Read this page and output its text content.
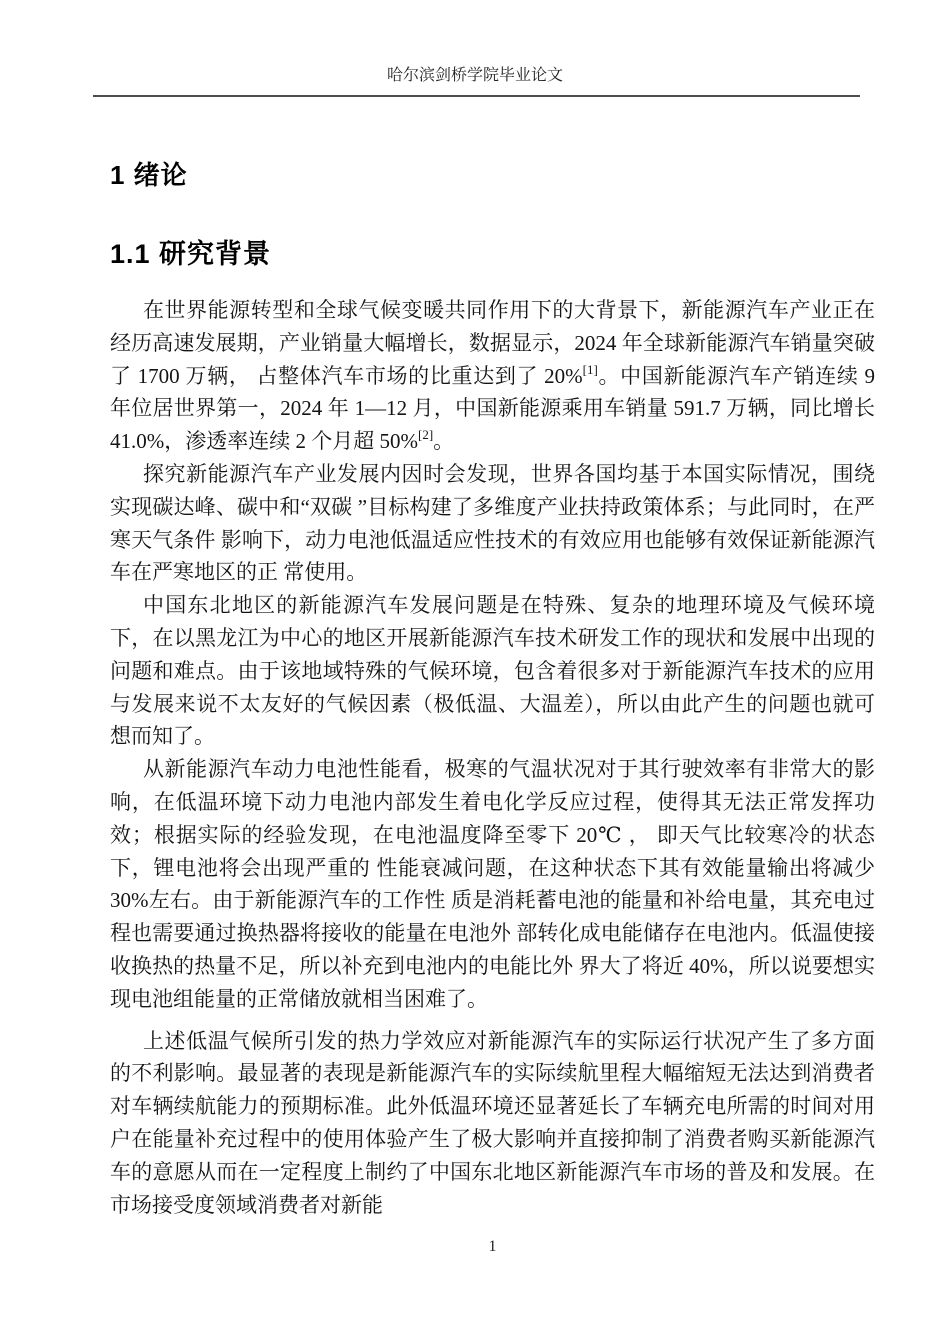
哈尔滨剑桥学院毕业论文
1 绪论
1.1 研究背景

在世界能源转型和全球气候变暖共同作用下的大背景下，新能源汽车产业正在经历高速发展期，产业销量大幅增长，数据显示，2024 年全球新能源汽车销量突破了 1700 万辆， 占整体汽车市场的比重达到了 20%[1]。中国新能源汽车产销连续 9 年位居世界第一，2024 年 1—12 月，中国新能源乘用车销量 591.7 万辆，同比增长 41.0%，渗透率连续 2 个月超 50%[2]。

探究新能源汽车产业发展内因时会发现，世界各国均基于本国实际情况，围绕实现碳达峰、碳中和“双碳 ”目标构建了多维度产业扶持政策体系；与此同时，在严寒天气条件 影响下，动力电池低温适应性技术的有效应用也能够有效保证新能源汽车在严寒地区的正 常使用。

中国东北地区的新能源汽车发展问题是在特殊、复杂的地理环境及气候环境下，在以黑龙江为中心的地区开展新能源汽车技术研发工作的现状和发展中出现的问题和难点。由于该地域特殊的气候环境，包含着很多对于新能源汽车技术的应用与发展来说不太友好的气候因素（极低温、大温差），所以由此产生的问题也就可想而知了。

从新能源汽车动力电池性能看，极寒的气温状况对于其行驶效率有非常大的影响，在低温环境下动力电池内部发生着电化学反应过程，使得其无法正常发挥功效；根据实际的经验发现，在电池温度降至零下 20℃ ， 即天气比较寒冷的状态下，锂电池将会出现严重的 性能衰减问题，在这种状态下其有效能量输出将减少 30%左右。由于新能源汽车的工作性 质是消耗蓄电池的能量和补给电量，其充电过程也需要通过换热器将接收的能量在电池外 部转化成电能储存在电池内。低温使接收换热的热量不足，所以补充到电池内的电能比外 界大了将近 40%，所以说要想实现电池组能量的正常储放就相当困难了。

上述低温气候所引发的热力学效应对新能源汽车的实际运行状况产生了多方面的不利影响。最显著的表现是新能源汽车的实际续航里程大幅缩短无法达到消费者对车辆续航能力的预期标准。此外低温环境还显著延长了车辆充电所需的时间对用户在能量补充过程中的使用体验产生了极大影响并直接抑制了消费者购买新能源汽车的意愿从而在一定程度上制约了中国东北地区新能源汽车市场的普及和发展。在市场接受度领域消费者对新能

1
